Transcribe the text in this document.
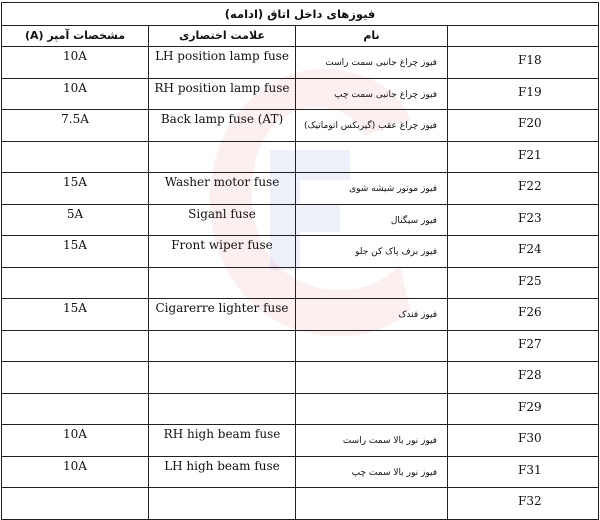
فیوزهای داخل اتاق (ادامه)			
مشخصات آمپر (A)	علامت اختصاری	نام	
10A	LH position lamp fuse	فیوز چراغ جانبی سمت راست	F18
10A	RH position lamp fuse	فیوز چراغ جانبی سمت چپ	F19
7.5A	Back lamp fuse (AT)	فیوز چراغ عقب (گیربکس اتوماتیک)	F20
			F21
15A	Washer motor fuse	فیوز موتور شیشه شوی	F22
5A	Siganl fuse	فیوز سیگنال	F23
15A	Front wiper fuse	فیوز برف پاک کن جلو	F24
			F25
15A	Cigarerre lighter fuse	فیوز فندک	F26
			F27
			F28
			F29
10A	RH high beam fuse	فیوز نور بالا سمت راست	F30
10A	LH high beam fuse	فیوز نور بالا سمت چپ	F31
			F32
